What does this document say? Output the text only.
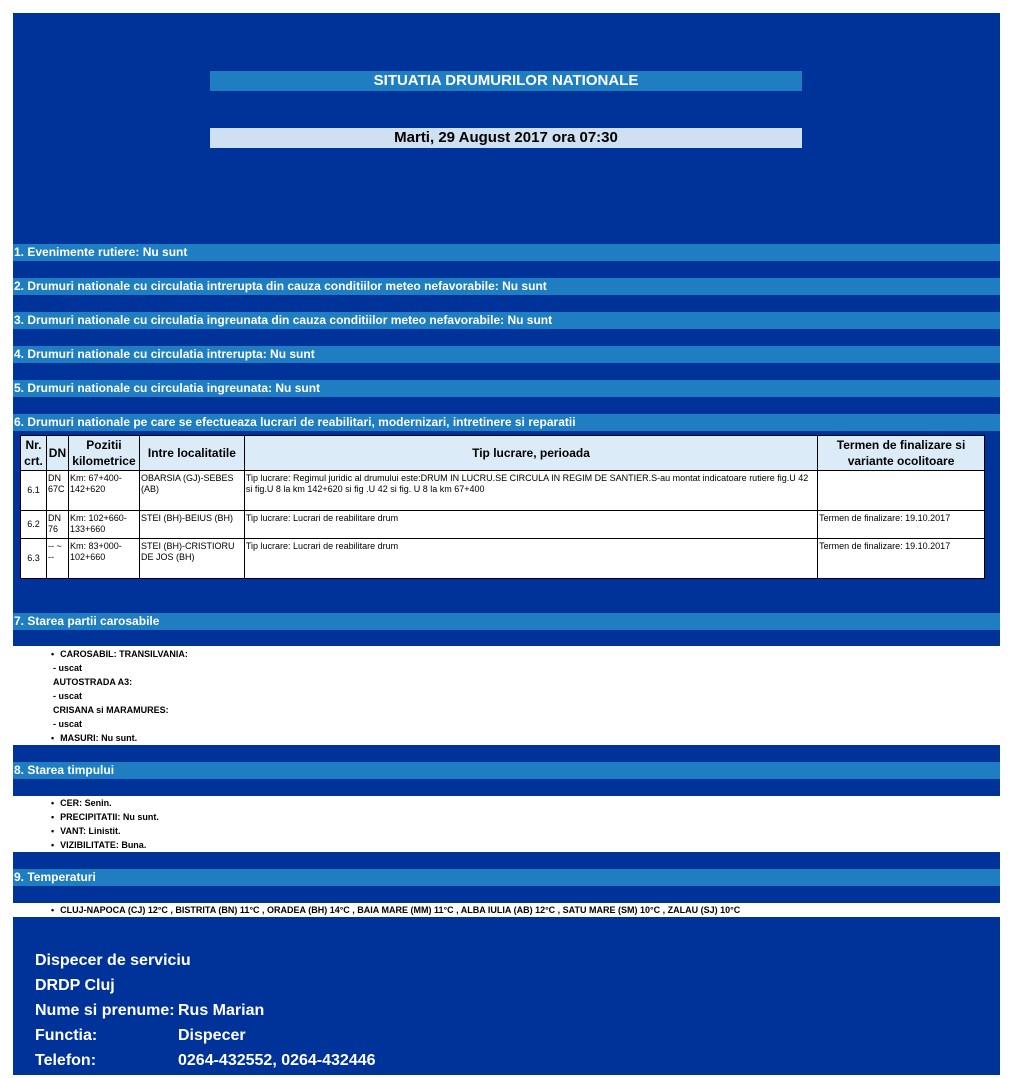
SITUATIA DRUMURILOR NATIONALE
Marti, 29 August 2017 ora 07:30
1. Evenimente rutiere: Nu sunt
2. Drumuri nationale cu circulatia intrerupta din cauza conditiilor meteo nefavorabile: Nu sunt
3. Drumuri nationale cu circulatia ingreunata din cauza conditiilor meteo nefavorabile: Nu sunt
4. Drumuri nationale cu circulatia intrerupta: Nu sunt
5. Drumuri nationale cu circulatia ingreunata: Nu sunt
6. Drumuri nationale pe care se efectueaza lucrari de reabilitari, modernizari, intretinere si reparatii
7. Starea partii carosabile
Nr. crt.	DN	Pozitii kilometrice	Intre localitatile	Tip lucrare, perioada	Termen de finalizare si variante ocolitoare
6.1	DN 67C	Km: 67+400-142+620	OBARSIA (GJ)-SEBES (AB)	Tip lucrare: Regimul juridic al drumului este:DRUM IN LUCRU.SE CIRCULA IN REGIM DE SANTIER.S-au montat indicatoare rutiere fig.U 42 si fig.U 8 la km 142+620 si fig .U 42 si fig. U 8 la km 67+400	
6.2	DN 76	Km: 102+660-133+660	STEI (BH)-BEIUS (BH)	Tip lucrare: Lucrari de reabilitare drum	Termen de finalizare: 19.10.2017
6.3	-- ~ --	Km: 83+000-102+660	STEI (BH)-CRISTIORU DE JOS (BH)	Tip lucrare: Lucrari de reabilitare drum	Termen de finalizare: 19.10.2017
• CAROSABIL: TRANSILVANIA:
- uscat
AUTOSTRADA A3:
- uscat
CRISANA si MARAMURES:
- uscat
• MASURI: Nu sunt.
8. Starea timpului
• CER: Senin.
• PRECIPITATII: Nu sunt.
• VANT: Linistit.
• VIZIBILITATE: Buna.
9. Temperaturi
• CLUJ-NAPOCA (CJ) 12°C , BISTRITA (BN) 11°C , ORADEA (BH) 14°C , BAIA MARE (MM) 11°C , ALBA IULIA (AB) 12°C , SATU MARE (SM) 10°C , ZALAU (SJ) 10°C
Dispecer de serviciu
DRDP Cluj
Nume si prenume: Rus Marian
Functia:	Dispecer
Telefon:	0264-432552, 0264-432446
